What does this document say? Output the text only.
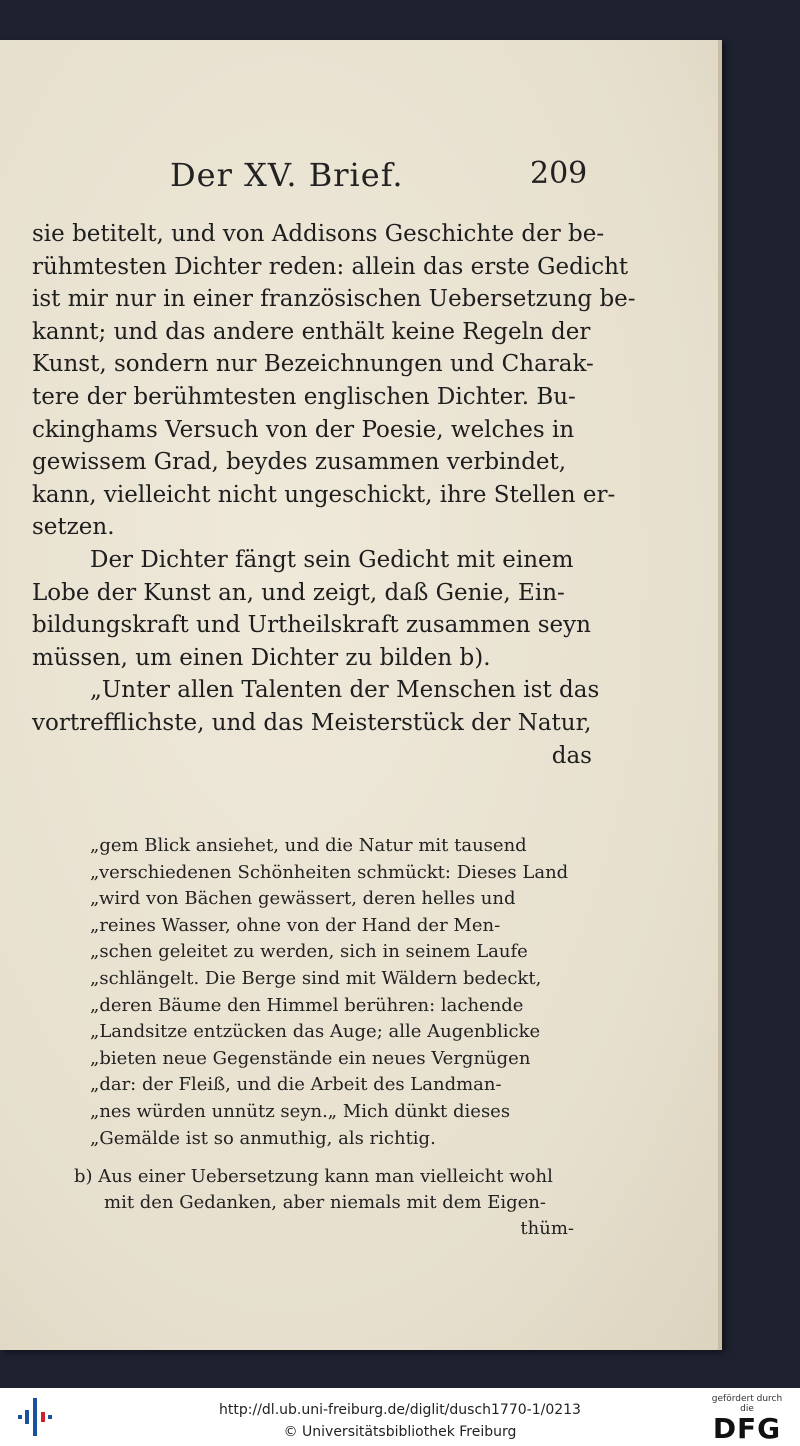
Der XV. Brief.	209
sie betitelt, und von Addisons Geschichte der be-
rühmtesten Dichter reden: allein das erste Gedicht
ist mir nur in einer französischen Uebersetzung be-
kannt; und das andere enthält keine Regeln der
Kunst, sondern nur Bezeichnungen und Charak-
tere der berühmtesten englischen Dichter. Bu-
ckinghams Versuch von der Poesie, welches in
gewissem Grad, beydes zusammen verbindet,
kann, vielleicht nicht ungeschickt, ihre Stellen er-
setzen.
Der Dichter fängt sein Gedicht mit einem
Lobe der Kunst an, und zeigt, daß Genie, Ein-
bildungskraft und Urtheilskraft zusammen seyn
müssen, um einen Dichter zu bilden b).
„Unter allen Talenten der Menschen ist das
vortrefflichste, und das Meisterstück der Natur,
das
„gem Blick ansiehet, und die Natur mit tausend
„verschiedenen Schönheiten schmückt: Dieses Land
„wird von Bächen gewässert, deren helles und
„reines Wasser, ohne von der Hand der Men-
„schen geleitet zu werden, sich in seinem Laufe
„schlängelt. Die Berge sind mit Wäldern bedeckt,
„deren Bäume den Himmel berühren: lachende
„Landsitze entzücken das Auge; alle Augenblicke
„bieten neue Gegenstände ein neues Vergnügen
„dar: der Fleiß, und die Arbeit des Landman-
„nes würden unnütz seyn.„ Mich dünkt dieses
„Gemälde ist so anmuthig, als richtig.
b) Aus einer Uebersetzung kann man vielleicht wohl
mit den Gedanken, aber niemals mit dem Eigen-
thüm-
http://dl.ub.uni-freiburg.de/diglit/dusch1770-1/0213
© Universitätsbibliothek Freiburg
gefördert durch die
DFG
